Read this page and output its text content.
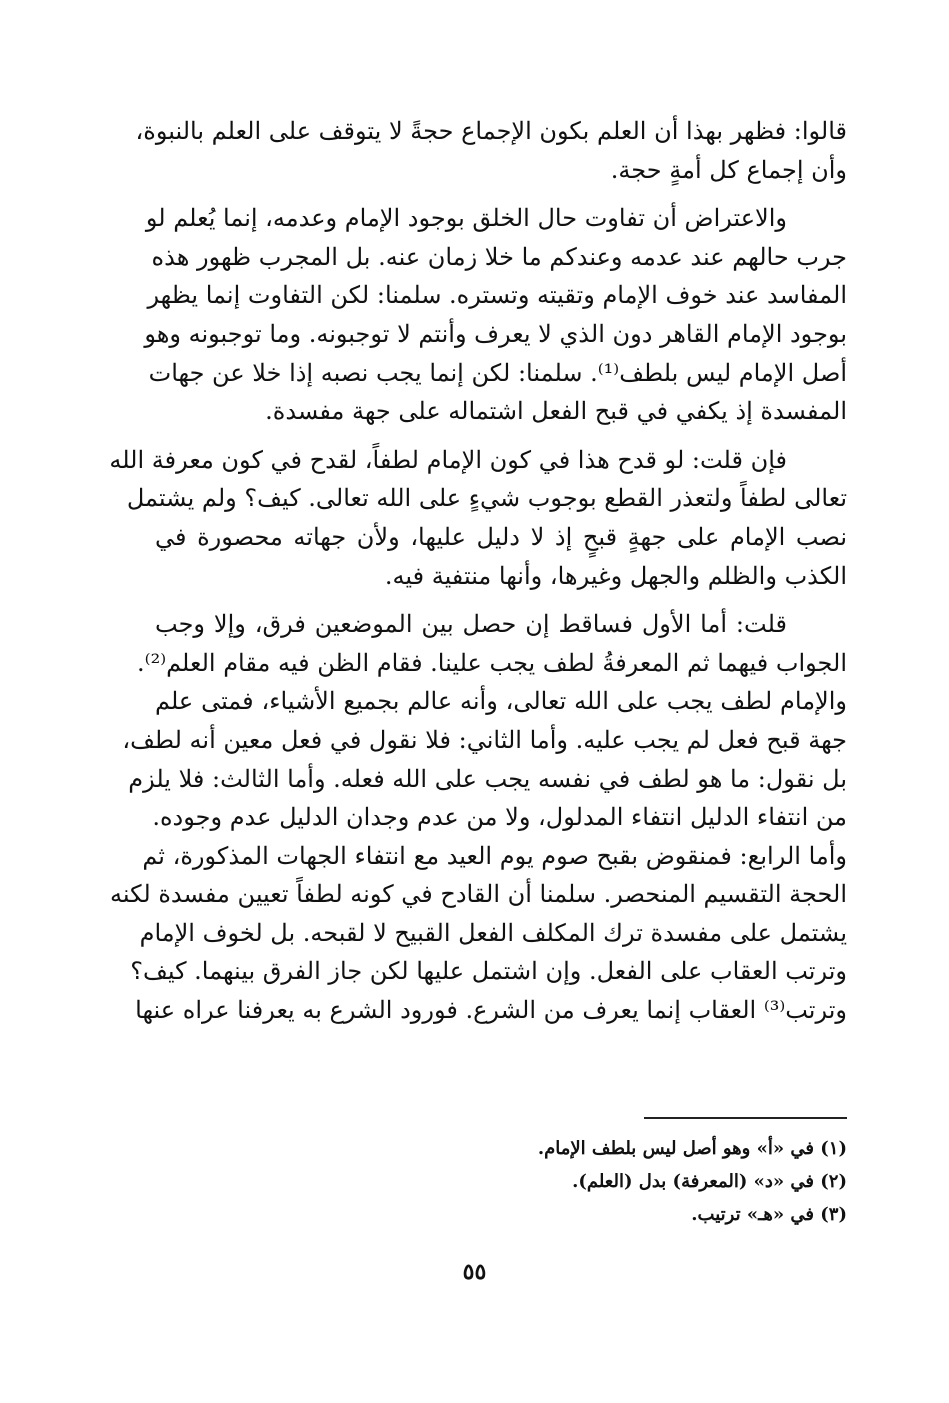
قالوا: فظهر بهذا أن العلم بكون الإجماع حجةً لا يتوقف على العلم بالنبوة،
وأن إجماع كل أمةٍ حجة.

والاعتراض أن تفاوت حال الخلق بوجود الإمام وعدمه، إنما يُعلم لو
جرب حالهم عند عدمه وعندكم ما خلا زمان عنه. بل المجرب ظهور هذه
المفاسد عند خوف الإمام وتقيته وتستره. سلمنا: لكن التفاوت إنما يظهر
بوجود الإمام القاهر دون الذي لا يعرف وأنتم لا توجبونه. وما توجبونه وهو
أصل الإمام ليس بلطف⁽¹⁾. سلمنا: لكن إنما يجب نصبه إذا خلا عن جهات
المفسدة إذ يكفي في قبح الفعل اشتماله على جهة مفسدة.

فإن قلت: لو قدح هذا في كون الإمام لطفاً، لقدح في كون معرفة الله
تعالى لطفاً ولتعذر القطع بوجوب شيءٍ على الله تعالى. كيف؟ ولم يشتمل
نصب الإمام على جهةٍ قبحٍ إذ لا دليل عليها، ولأن جهاته محصورة في
الكذب والظلم والجهل وغيرها، وأنها منتفية فيه.

قلت: أما الأول فساقط إن حصل بين الموضعين فرق، وإلا وجب
الجواب فيهما ثم المعرفةُ لطف يجب علينا. فقام الظن فيه مقام العلم⁽²⁾.
والإمام لطف يجب على الله تعالى، وأنه عالم بجميع الأشياء، فمتى علم
جهة قبح فعل لم يجب عليه. وأما الثاني: فلا نقول في فعل معين أنه لطف،
بل نقول: ما هو لطف في نفسه يجب على الله فعله. وأما الثالث: فلا يلزم
من انتفاء الدليل انتفاء المدلول، ولا من عدم وجدان الدليل عدم وجوده.
وأما الرابع: فمنقوض بقبح صوم يوم العيد مع انتفاء الجهات المذكورة، ثم
الحجة التقسيم المنحصر. سلمنا أن القادح في كونه لطفاً تعيين مفسدة لكنه
يشتمل على مفسدة ترك المكلف الفعل القبيح لا لقبحه. بل لخوف الإمام
وترتب العقاب على الفعل. وإن اشتمل عليها لكن جاز الفرق بينهما. كيف؟
وترتب⁽³⁾ العقاب إنما يعرف من الشرع. فورود الشرع به يعرفنا عراه عنها

(١) في «أ» وهو أصل ليس بلطف الإمام.

(٢) في «د» (المعرفة) بدل (العلم).

(٣) في «هـ» ترتيب.

٥٥
